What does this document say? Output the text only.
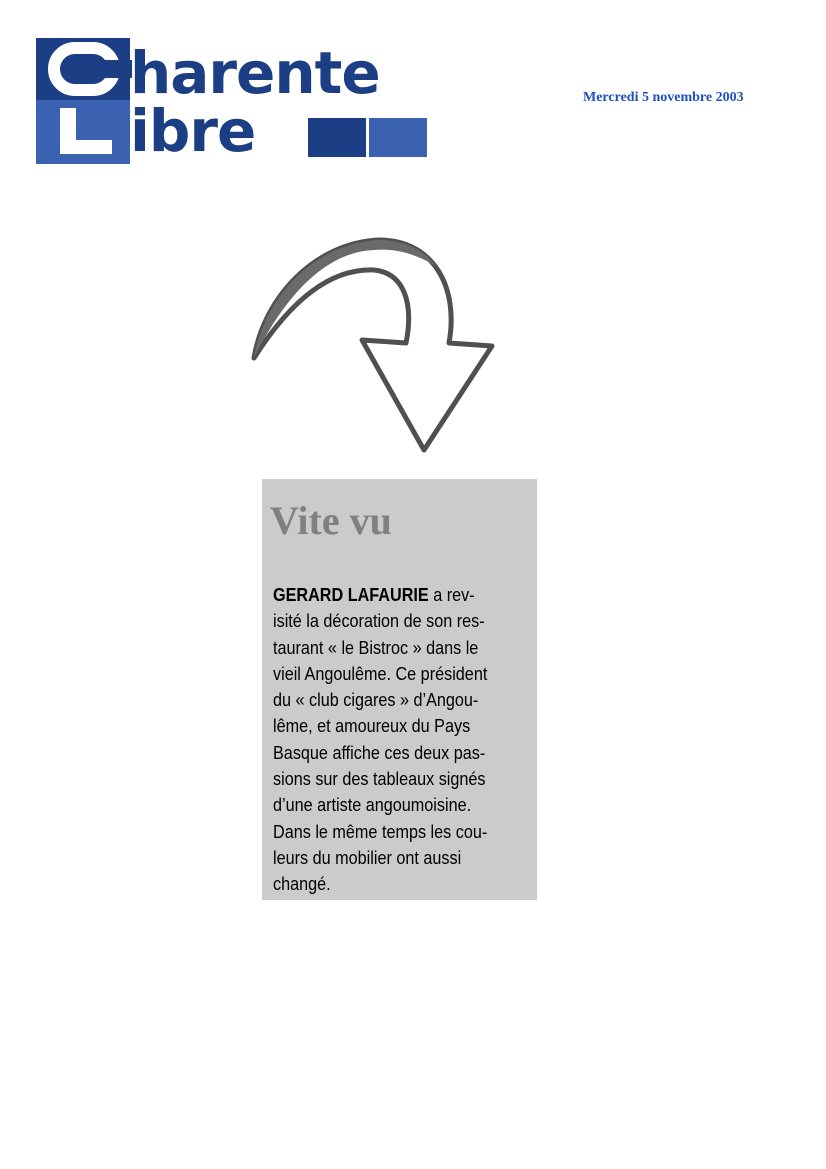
harente
ibre	Mercredi 5 novembre 2003
Vite vu
GERARD LAFAURIE a rev-
isité la décoration de son res-
taurant « le Bistroc » dans le
vieil Angoulême. Ce président
du « club cigares » d’Angou-
lême, et amoureux du Pays
Basque affiche ces deux pas-
sions sur des tableaux signés
d’une artiste angoumoisine.
Dans le même temps les cou-
leurs du mobilier ont aussi
changé.
